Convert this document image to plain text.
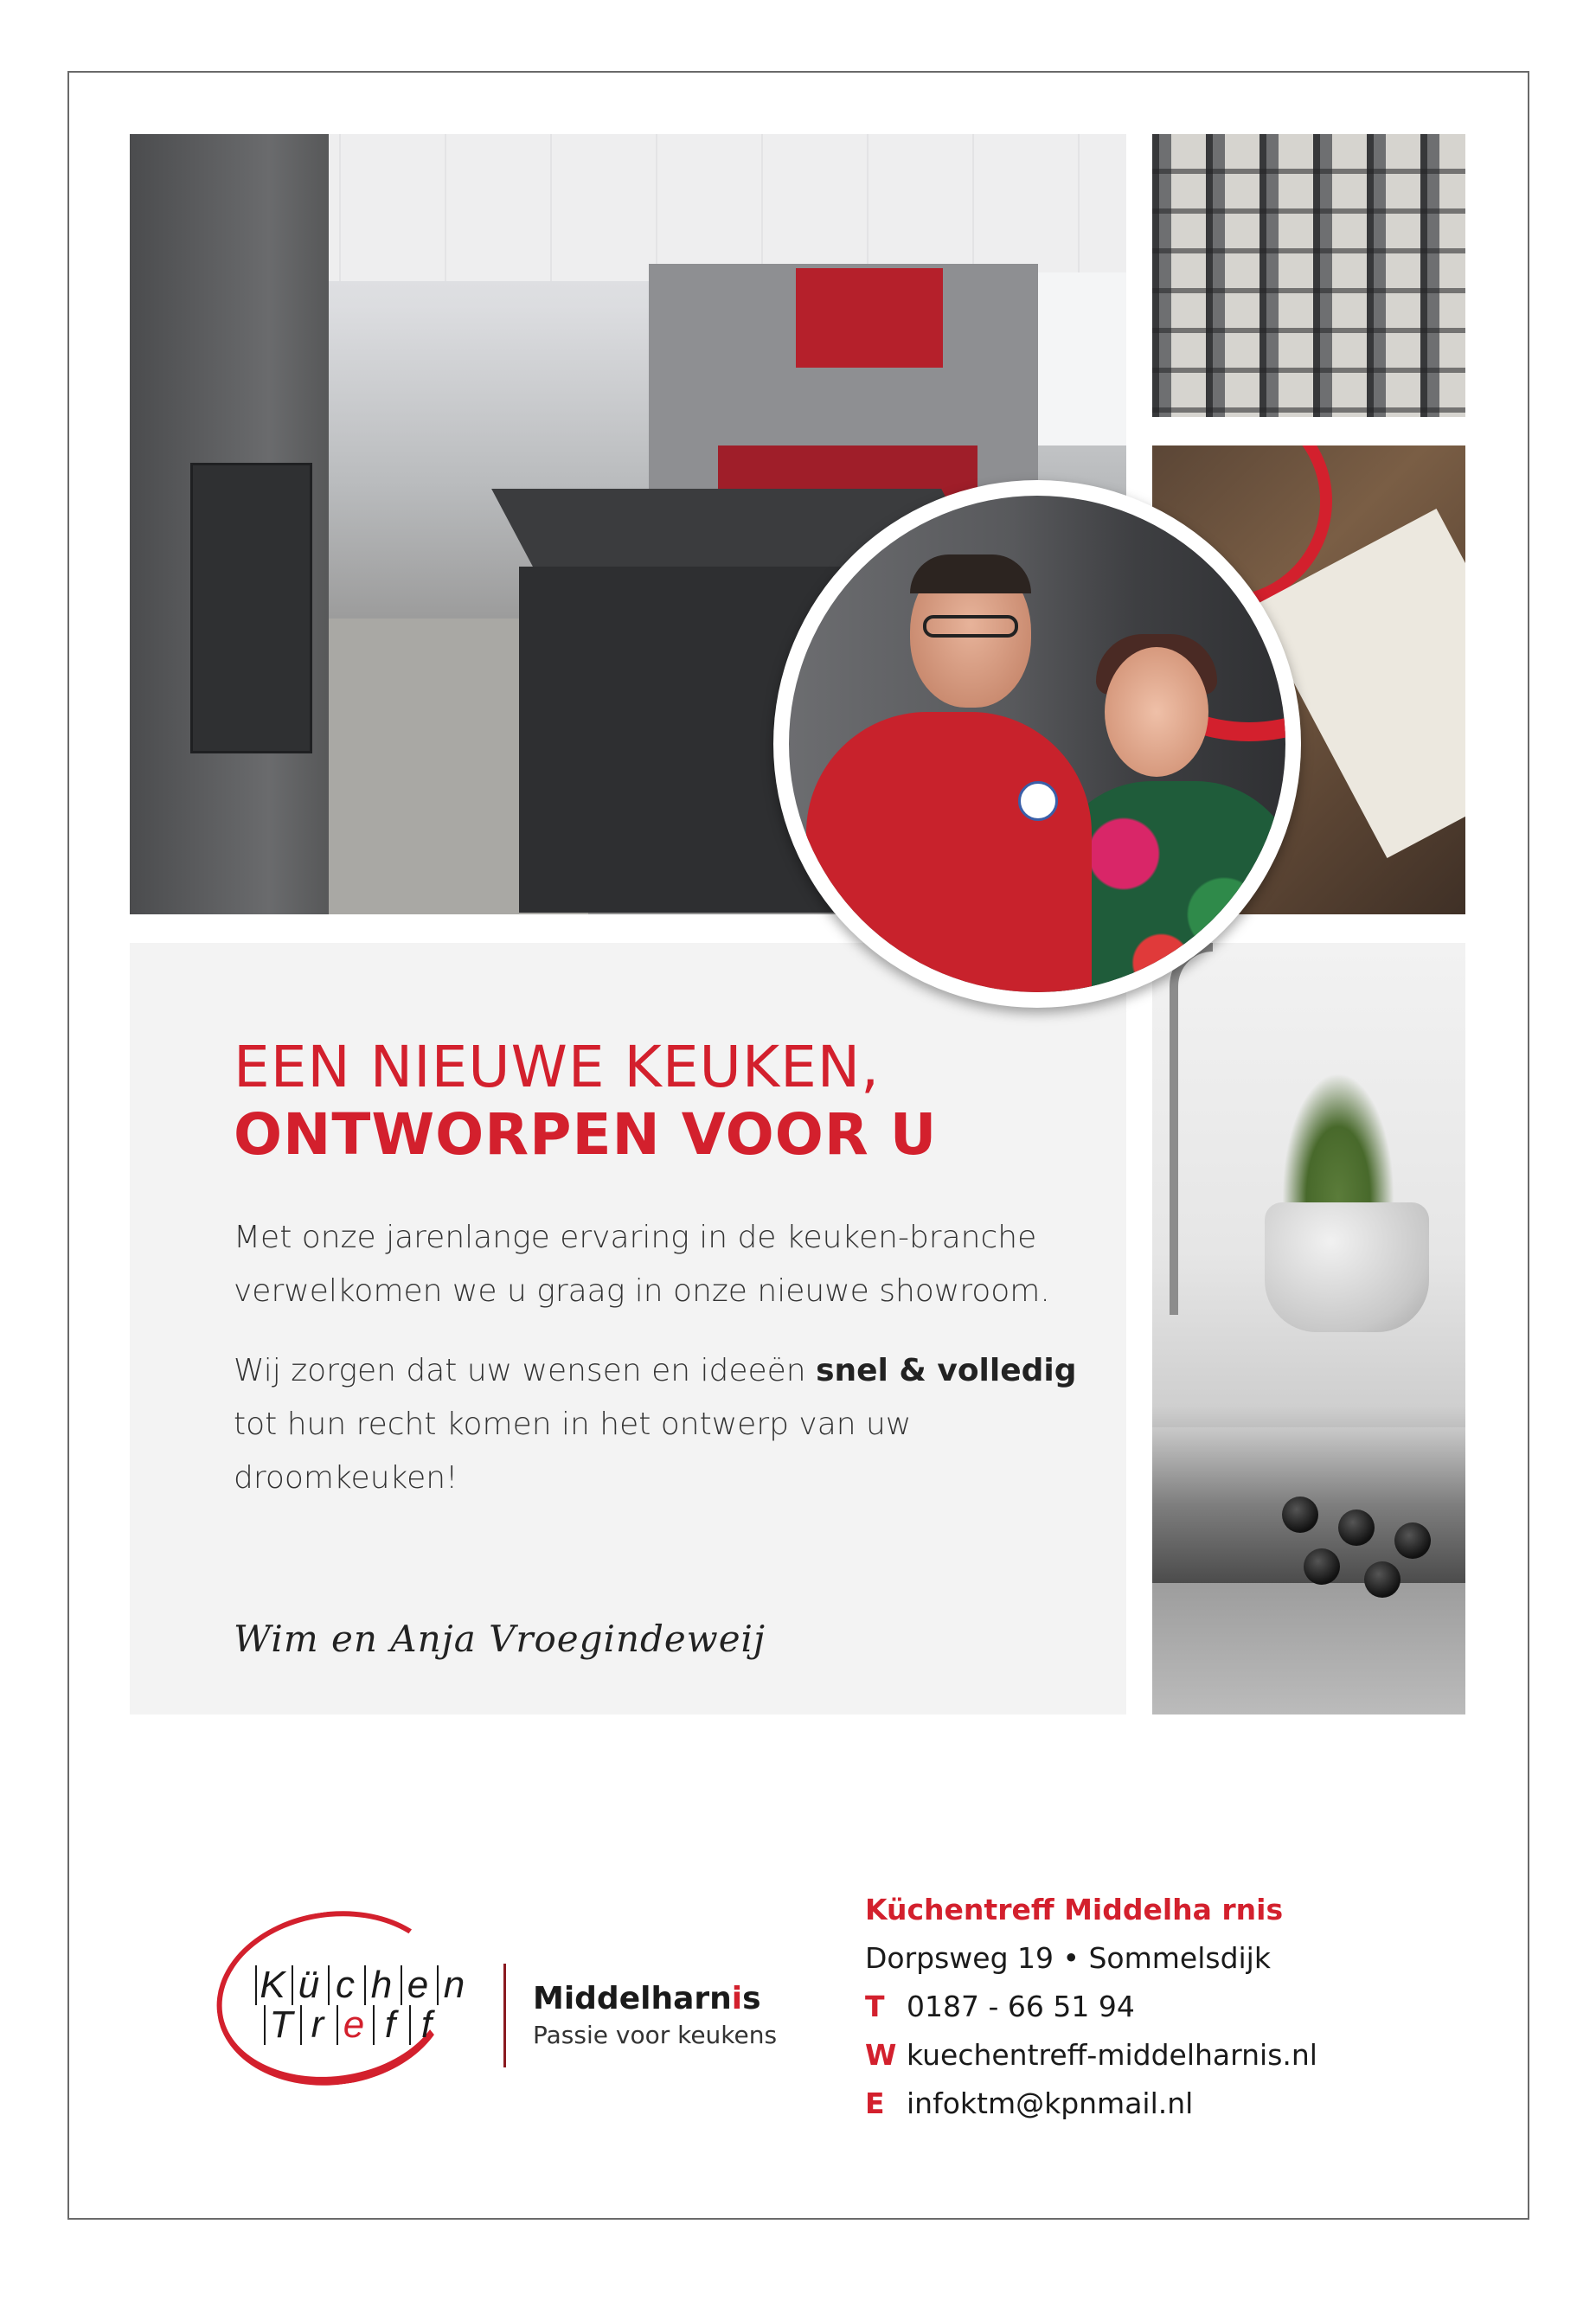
EEN NIEUWE KEUKEN,
ONTWORPEN VOOR U

Met onze jarenlange ervaring in de keuken-branche verwelkomen we u graag in onze nieuwe showroom.

Wij zorgen dat uw wensen en ideeën snel & volledig tot hun recht komen in het ontwerp van uw droomkeuken!

Wim en Anja Vroegindeweij
K ü c h e n
T r e f f
Middelharnis
Passie voor keukens
Küchentreff Middelha rnis
Dorpsweg 19 • Sommelsdijk
T 0187 - 66 51 94
W kuechentreff-middelharnis.nl
E infoktm@kpnmail.nl
